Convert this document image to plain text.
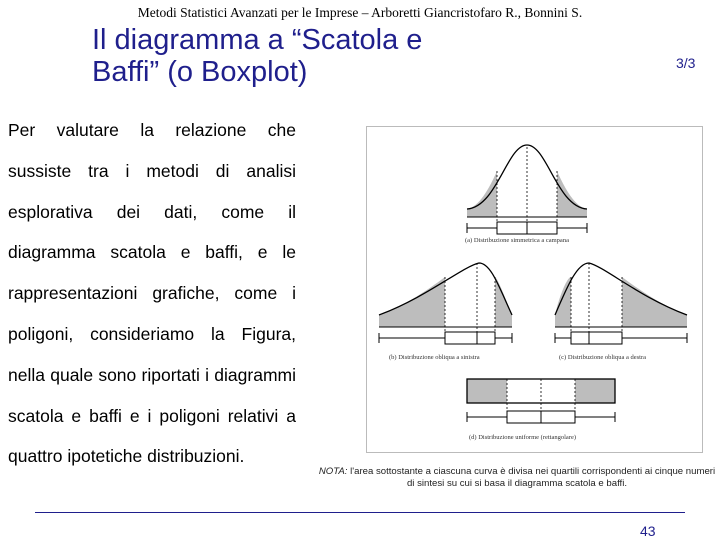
Metodi Statistici Avanzati per le Imprese – Arboretti Giancristofaro R., Bonnini S.
Il diagramma a “Scatola e
Baffi” (o Boxplot)	3/3
Per valutare la relazione che sussiste tra i metodi di analisi esplorativa dei dati, come il diagramma scatola e baffi, e le rappresentazioni grafiche, come i poligoni, consideriamo la Figura, nella quale sono riportati i diagrammi scatola e baffi e i poligoni relativi a quattro ipotetiche distribuzioni.
(a) Distribuzione simmetrica a campana
(b) Distribuzione obliqua a sinistra	(c) Distribuzione obliqua a destra
(d) Distribuzione uniforme (rettangolare)
NOTA: l'area sottostante a ciascuna curva è divisa nei quartili corrispondenti ai cinque numeri di sintesi su cui si basa il diagramma scatola e baffi.
43
